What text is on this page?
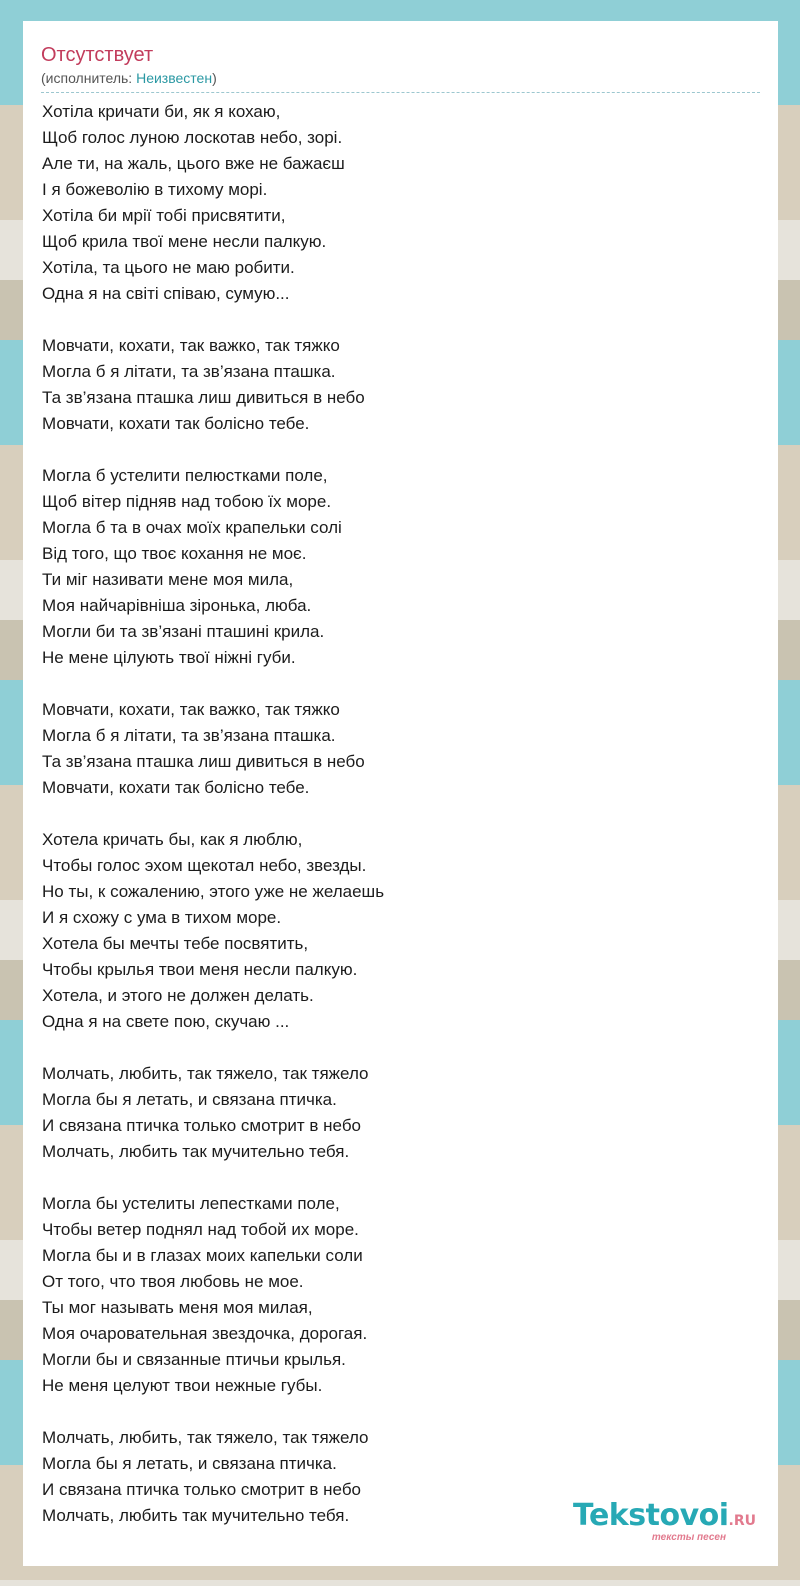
Отсутствует
(исполнитель: Неизвестен)
Хотіла кричати би, як я кохаю,
Щоб голос луною лоскотав небо, зорі.
Але ти, на жаль, цього вже не бажаєш
І я божеволію в тихому морі.
Хотіла би мрії тобі присвятити,
Щоб крила твої мене несли палкую.
Хотіла, та цього не маю робити.
Одна я на світі співаю, сумую...
Мовчати, кохати, так важко, так тяжко
Могла б я літати, та зв’язана пташка.
Та зв’язана пташка лиш дивиться в небо
Мовчати, кохати так болісно тебе.
Могла б устелити пелюстками поле,
Щоб вітер підняв над тобою їх море.
Могла б та в очах моїх крапельки солі
Від того, що твоє кохання не моє.
Ти міг називати мене моя мила,
Моя найчарівніша зіронька, люба.
Могли би та зв’язані пташині крила.
Не мене цілують твої ніжні губи.
Мовчати, кохати, так важко, так тяжко
Могла б я літати, та зв’язана пташка.
Та зв’язана пташка лиш дивиться в небо
Мовчати, кохати так болісно тебе.
Хотела кричать бы, как я люблю,
Чтобы голос эхом щекотал небо, звезды.
Но ты, к сожалению, этого уже не желаешь
И я схожу с ума в тихом море.
Хотела бы мечты тебе посвятить,
Чтобы крылья твои меня несли палкую.
Хотела, и этого не должен делать.
Одна я на свете пою, скучаю ...
Молчать, любить, так тяжело, так тяжело
Могла бы я летать, и связана птичка.
И связана птичка только смотрит в небо
Молчать, любить так мучительно тебя.
Могла бы устелиты лепестками поле,
Чтобы ветер поднял над тобой их море.
Могла бы и в глазах моих капельки соли
От того, что твоя любовь не мое.
Ты мог называть меня моя милая,
Моя очаровательная звездочка, дорогая.
Могли бы и связанные птичьи крылья.
Не меня целуют твои нежные губы.
Молчать, любить, так тяжело, так тяжело
Могла бы я летать, и связана птичка.
И связана птичка только смотрит в небо
Молчать, любить так мучительно тебя.	Tekstovoi.RU
тексты песен
